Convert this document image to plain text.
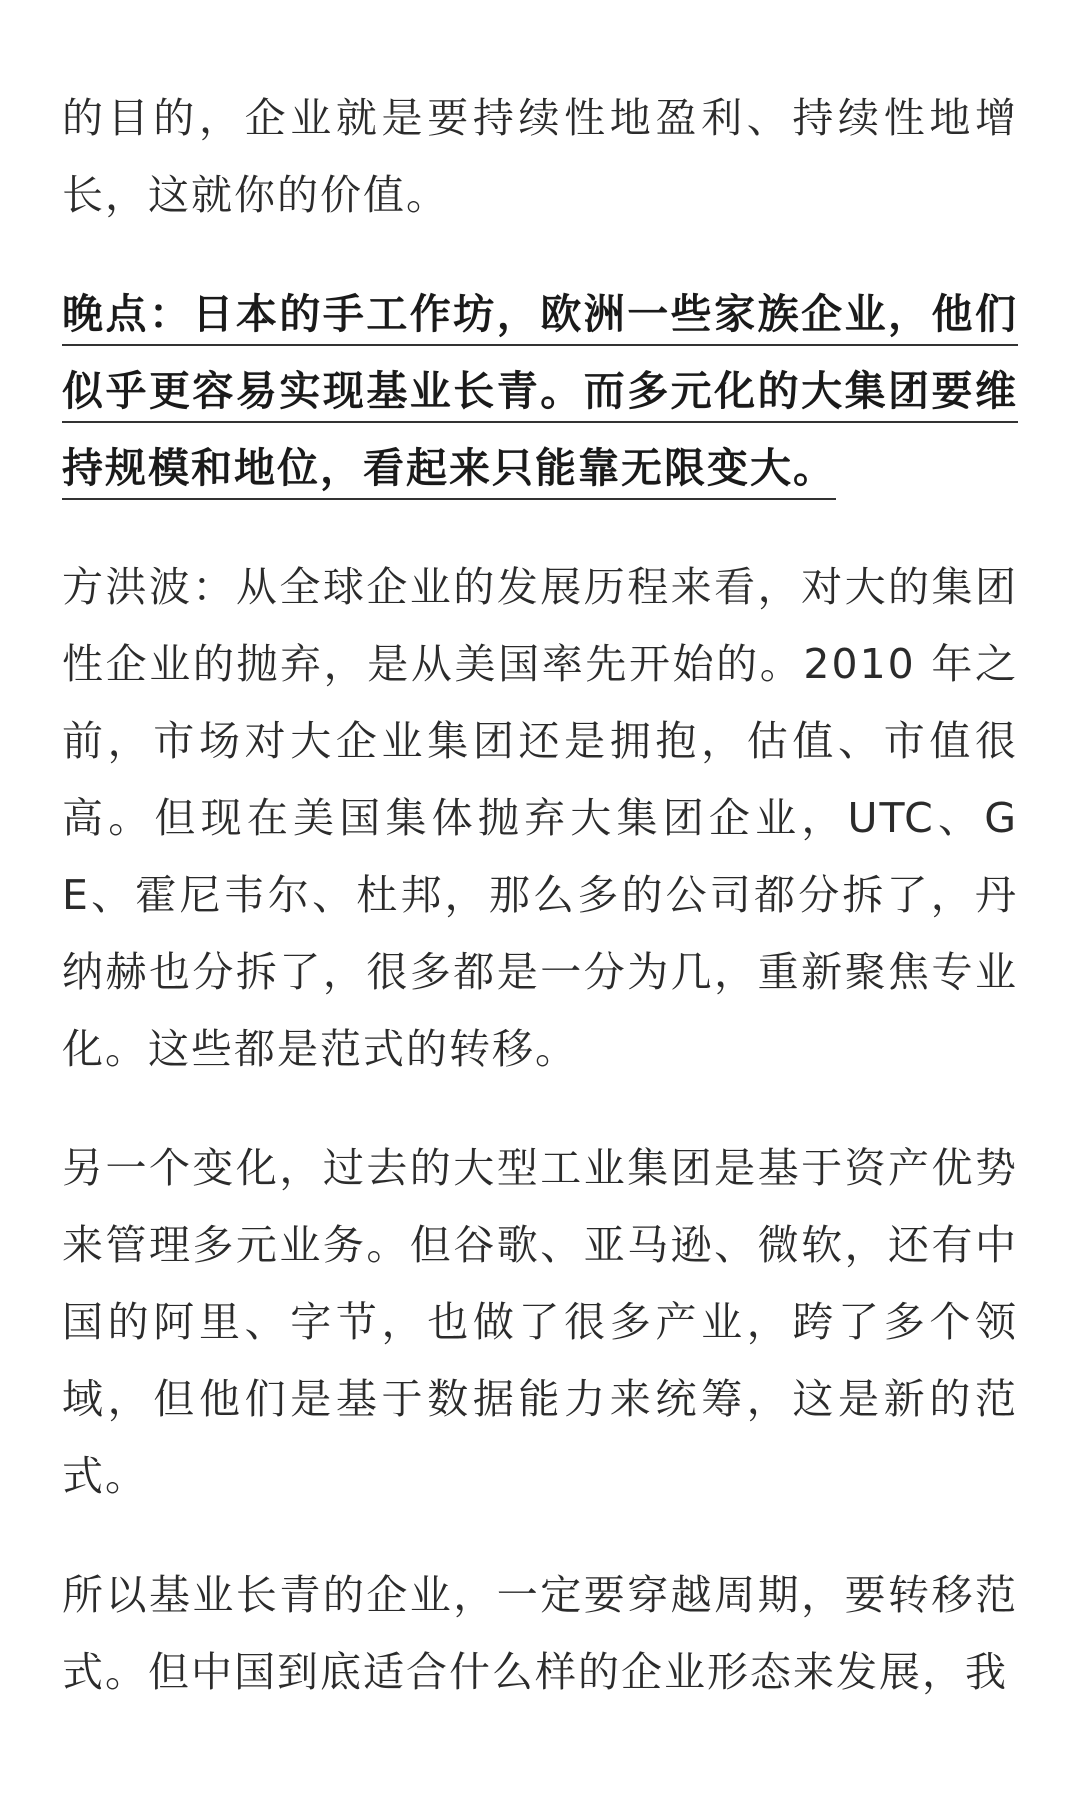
的目的，企业就是要持续性地盈利、持续性地增长，这就你的价值。

晚点：日本的手工作坊，欧洲一些家族企业，他们似乎更容易实现基业长青。而多元化的大集团要维持规模和地位，看起来只能靠无限变大。

方洪波：从全球企业的发展历程来看，对大的集团性企业的抛弃，是从美国率先开始的。2010 年之前，市场对大企业集团还是拥抱，估值、市值很高。但现在美国集体抛弃大集团企业，UTC、GE、霍尼韦尔、杜邦，那么多的公司都分拆了，丹纳赫也分拆了，很多都是一分为几，重新聚焦专业化。这些都是范式的转移。

另一个变化，过去的大型工业集团是基于资产优势来管理多元业务。但谷歌、亚马逊、微软，还有中国的阿里、字节，也做了很多产业，跨了多个领域，但他们是基于数据能力来统筹，这是新的范式。

所以基业长青的企业，一定要穿越周期，要转移范式。但中国到底适合什么样的企业形态来发展，我
